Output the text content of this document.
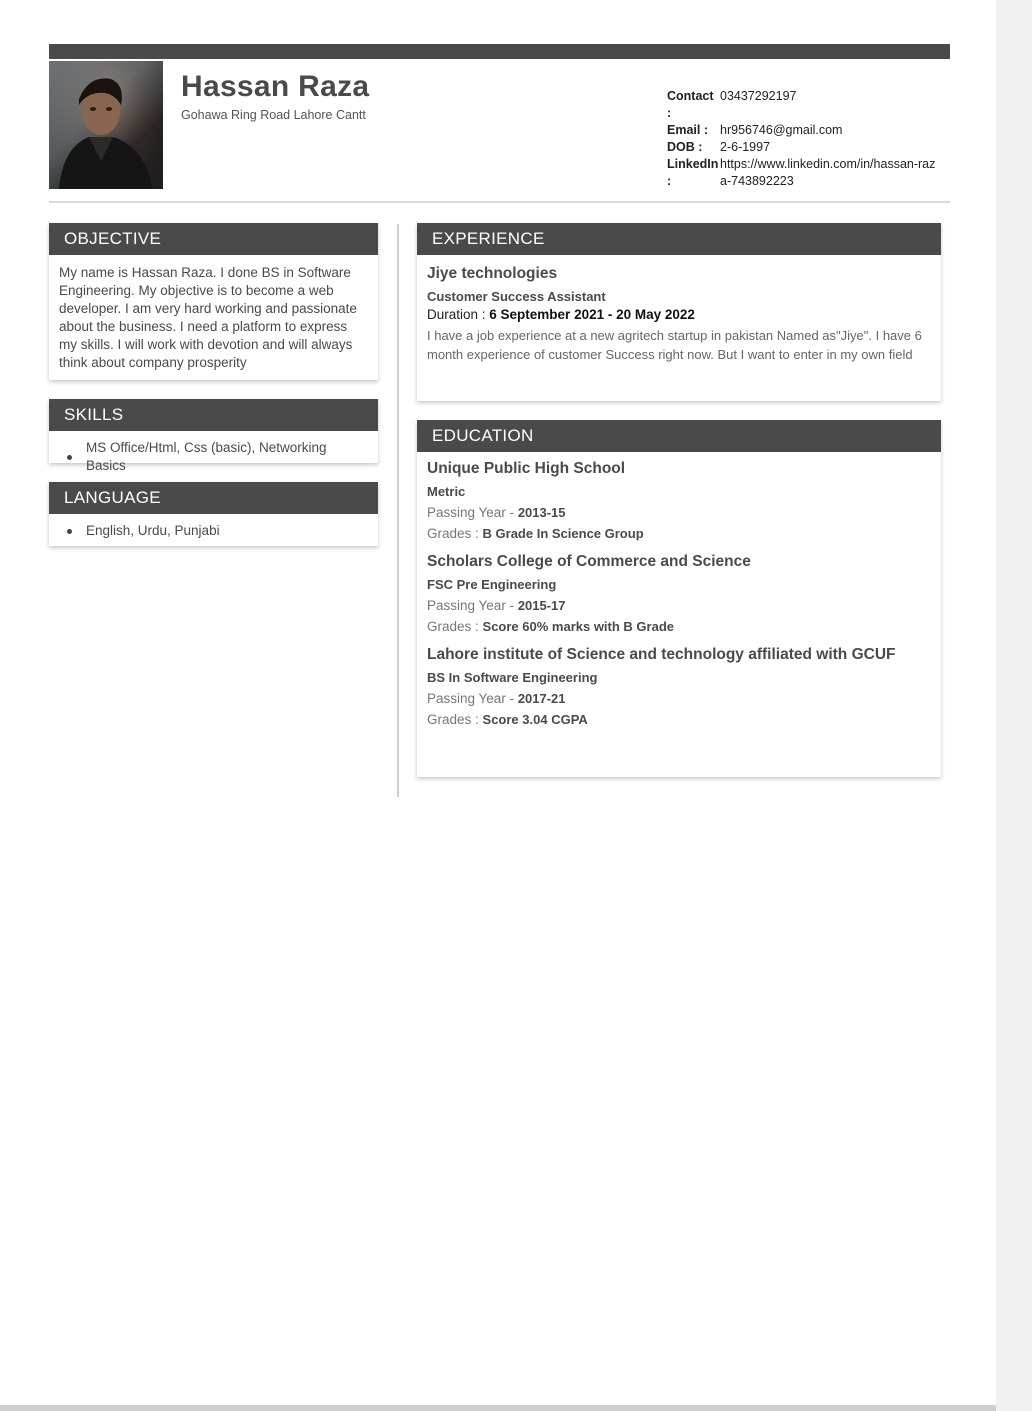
Hassan Raza
Gohawa Ring Road Lahore Cantt
Contact :
03437292197
Email : hr956746@gmail.com
DOB :	2-6-1997
LinkedIn :
https://www.linkedin.com/in/hassan-raza-743892223
OBJECTIVE
My name is Hassan Raza. I done BS in Software Engineering. My objective is to become a web developer. I am very hard working and passionate about the business. I need a platform to express my skills. I will work with devotion and will always think about company prosperity
SKILLS
MS Office/Html, Css (basic), Networking Basics
LANGUAGE
English, Urdu, Punjabi
EXPERIENCE
Jiye technologies
Customer Success Assistant
Duration : 6 September 2021 - 20 May 2022
I have a job experience at a new agritech startup in pakistan Named as"Jiye". I have 6 month experience of customer Success right now. But I want to enter in my own field
EDUCATION
Unique Public High School
Metric
Passing Year - 2013-15
Grades : B Grade In Science Group
Scholars College of Commerce and Science
FSC Pre Engineering
Passing Year - 2015-17
Grades : Score 60% marks with B Grade
Lahore institute of Science and technology affiliated with GCUF
BS In Software Engineering
Passing Year - 2017-21
Grades : Score 3.04 CGPA
